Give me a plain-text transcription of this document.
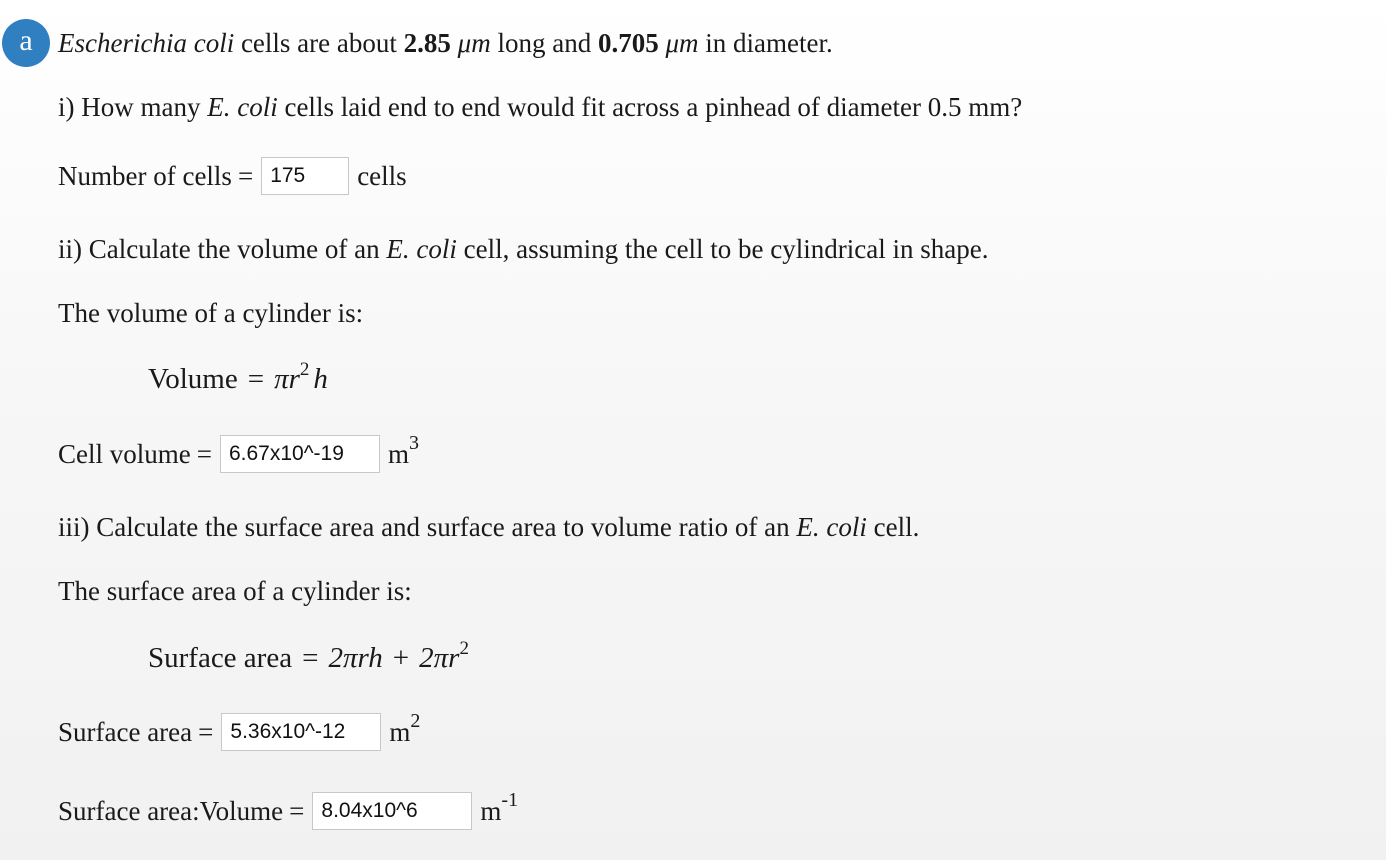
a Escherichia coli cells are about 2.85 μm long and 0.705 μm in diameter.
i) How many E. coli cells laid end to end would fit across a pinhead of diameter 0.5 mm?
Number of cells = 175	cells
ii) Calculate the volume of an E. coli cell, assuming the cell to be cylindrical in shape.
The volume of a cylinder is:
Volume = $\pi r^2$ h
Cell volume = 6.67x10^-19	$m^3$
iii) Calculate the surface area and surface area to volume ratio of an E. coli cell.
The surface area of a cylinder is:
Surface area = $2\pi rh + 2\pi r^2$
Surface area = 5.36x10^-12	$m^2$
Surface area:Volume = 8.04x10^6	$m^{-1}$
